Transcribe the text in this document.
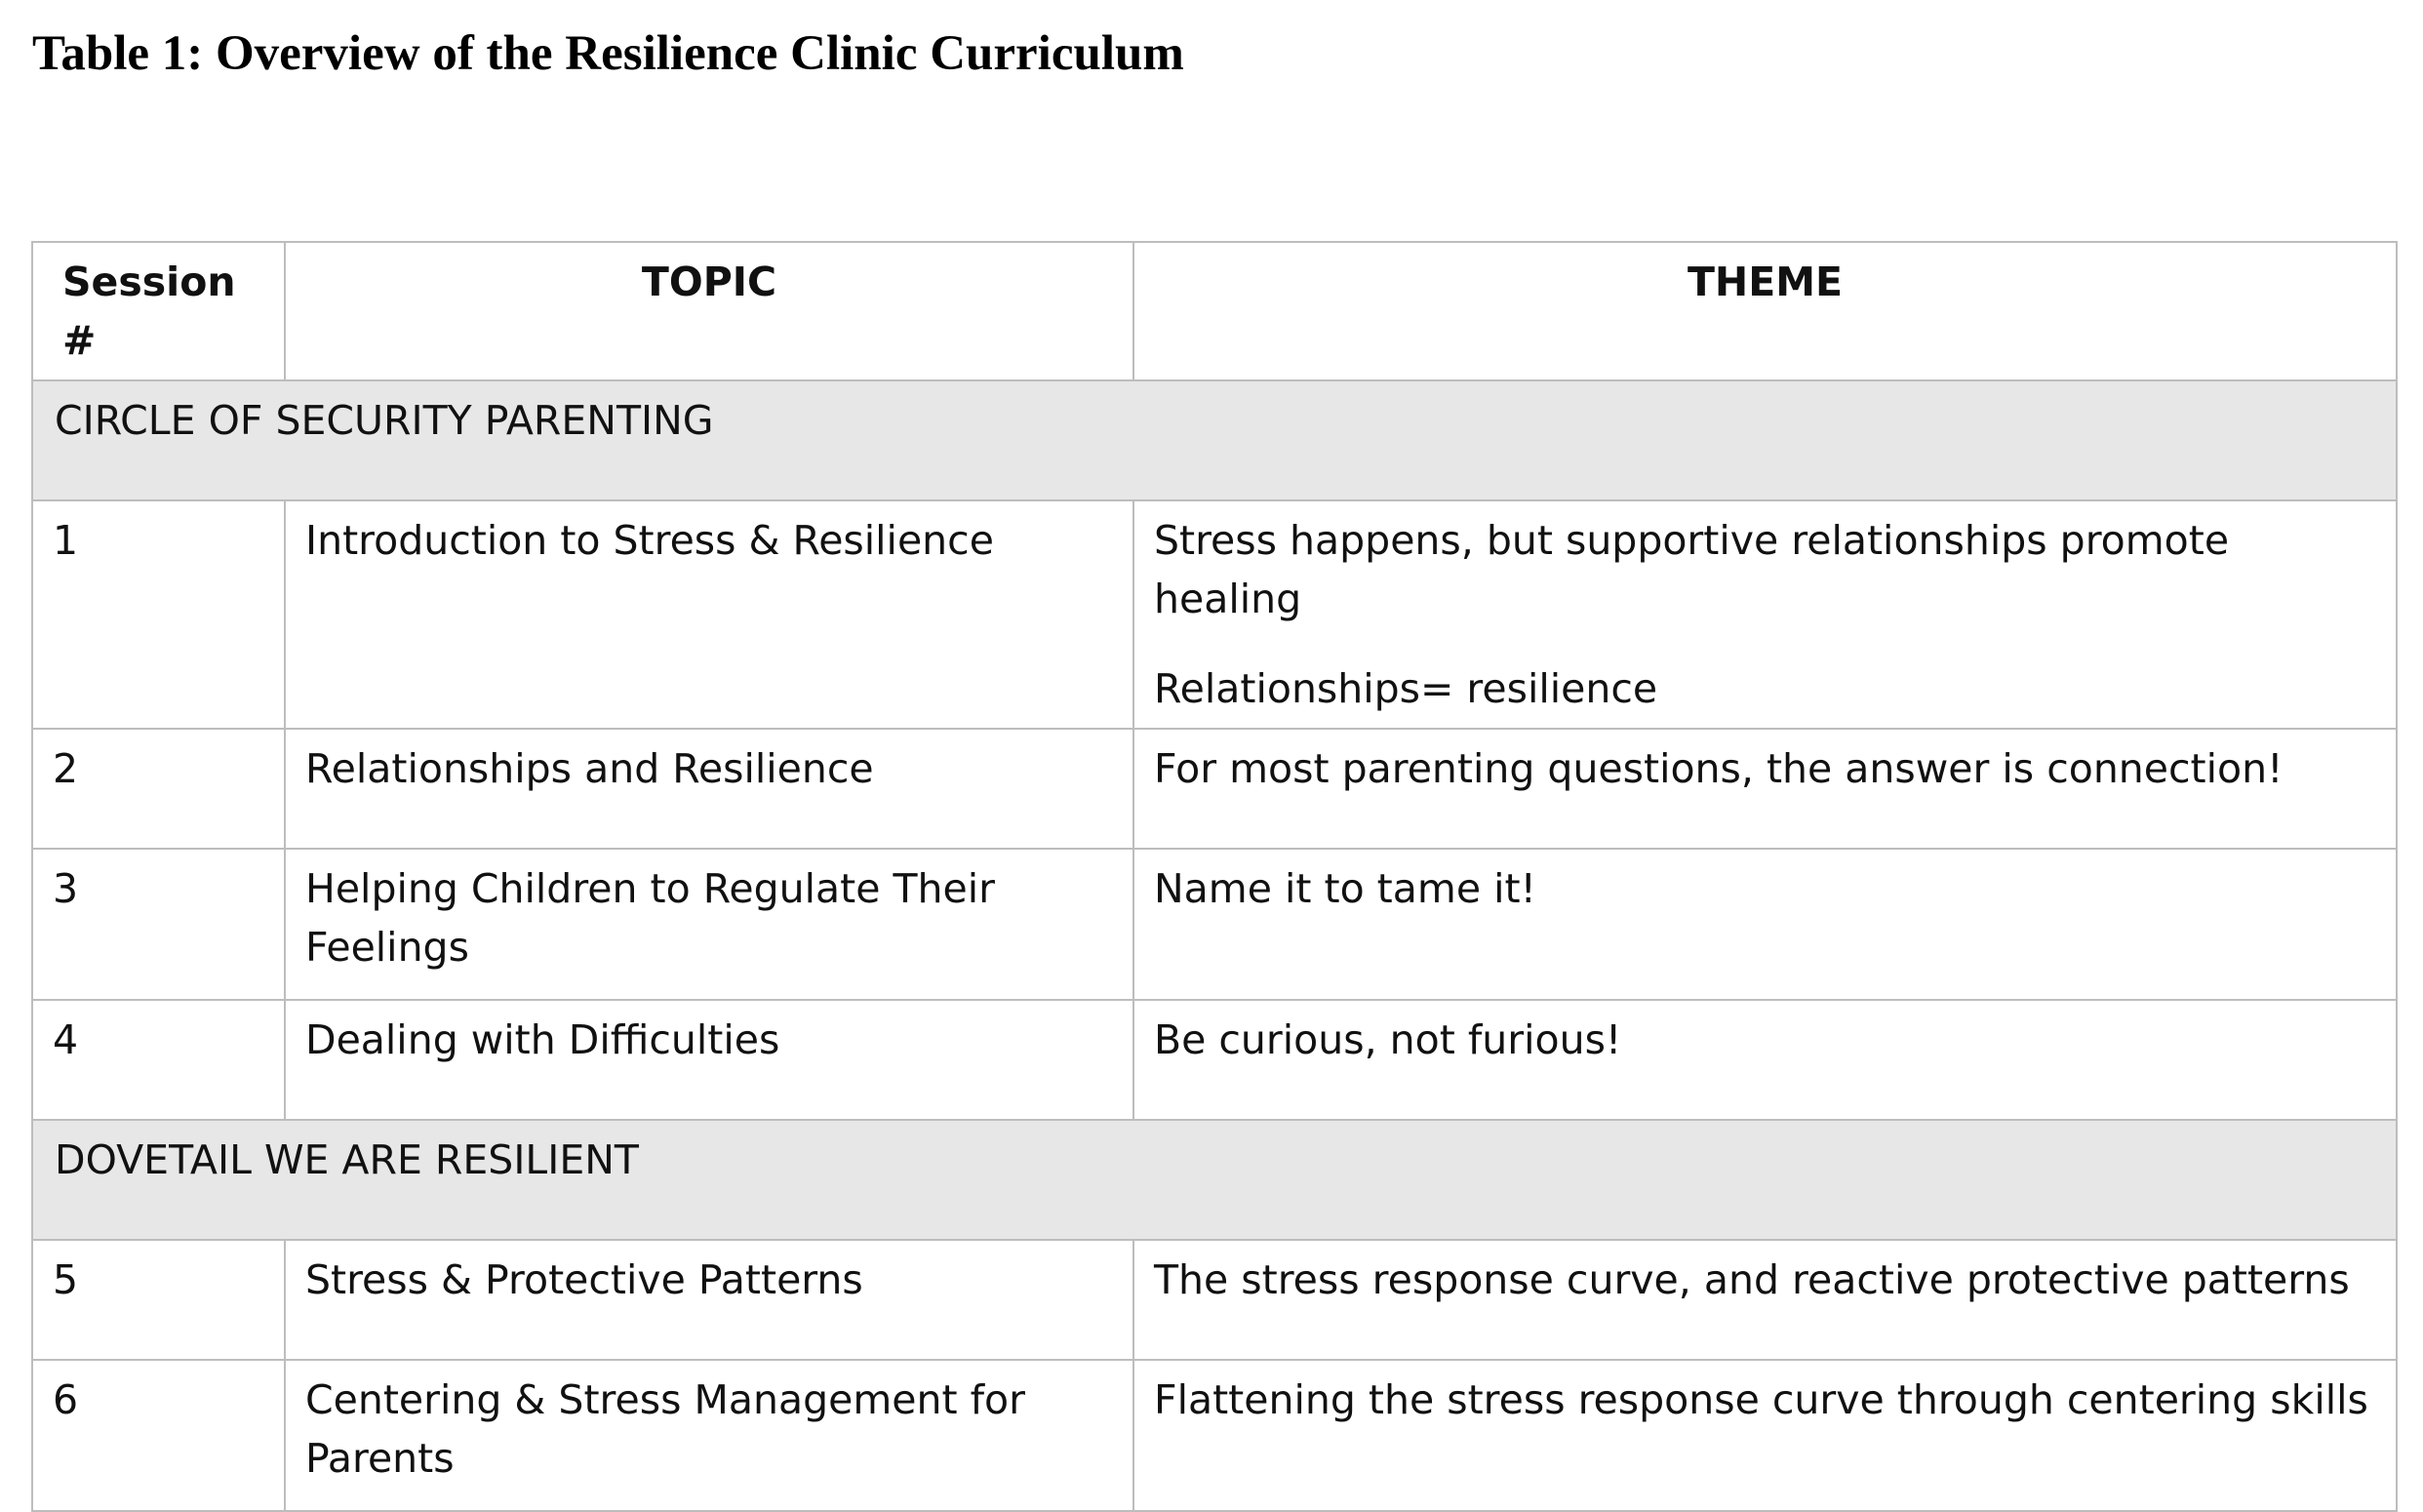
Table 1: Overview of the Resilience Clinic Curriculum
Session #	TOPIC	THEME
CIRCLE OF SECURITY PARENTING		
1	Introduction to Stress & Resilience	Stress happens, but supportive relationships promote healing
Relationships= resilience

2	Relationships and Resilience	For most parenting questions, the answer is connection!
3	Helping Children to Regulate Their Feelings	Name it to tame it!
4	Dealing with Difficulties	Be curious, not furious!
DOVETAIL WE ARE RESILIENT		
5	Stress & Protective Patterns	The stress response curve, and reactive protective patterns
6	Centering & Stress Management for Parents	Flattening the stress response curve through centering skills
